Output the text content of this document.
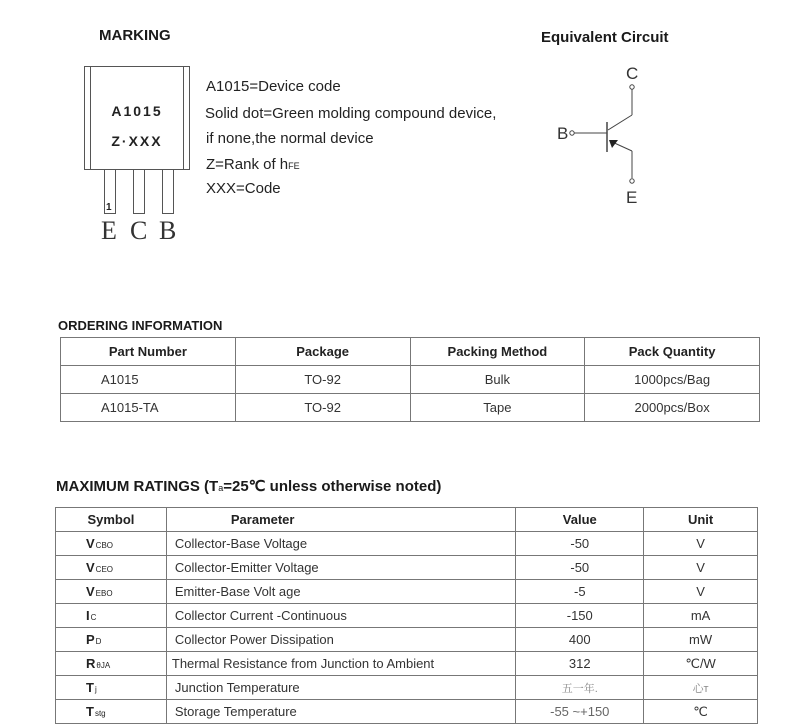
MARKING
A1015
Z·XXX
1
E C B
A1015=Device code
Solid dot=Green molding compound device,
if none,the normal device
Z=Rank of hFE
XXX=Code
Equivalent Circuit
C
B
E
ORDERING INFORMATION
Part Number	Package	Packing Method	Pack Quantity
A1015	TO-92	Bulk	1000pcs/Bag
A1015-TA	TO-92	Tape	2000pcs/Box
MAXIMUM RATINGS (Ta=25℃ unless otherwise noted)
Symbol	Parameter	Value	Unit
VCBO	Collector-Base Voltage	-50	V
VCEO	Collector-Emitter Voltage	-50	V
VEBO	Emitter-Base Volt age	-5	V
IC	Collector Current -Continuous	-150	mA
PD	Collector Power Dissipation	400	mW
RθJA	Thermal Resistance from Junction to Ambient	312	℃/W
Tj	Junction Temperature	五一年.	心т
Tstg	Storage Temperature	-55 ~+150	℃
